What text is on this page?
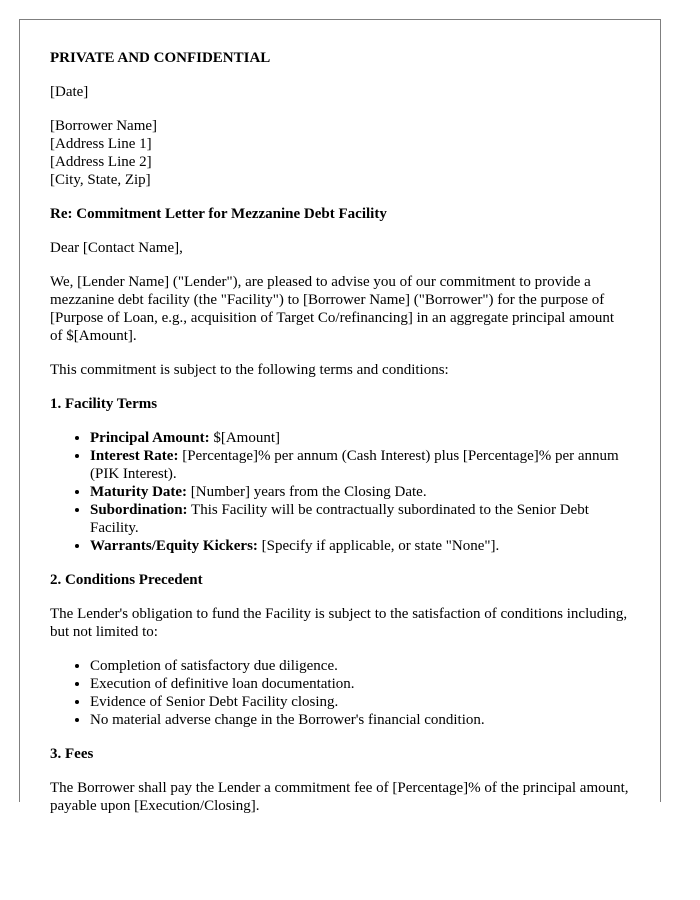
PRIVATE AND CONFIDENTIAL

[Date]

[Borrower Name]
[Address Line 1]
[Address Line 2]
[City, State, Zip]

Re: Commitment Letter for Mezzanine Debt Facility

Dear [Contact Name],

We, [Lender Name] ("Lender"), are pleased to advise you of our commitment to provide a mezzanine debt facility (the "Facility") to [Borrower Name] ("Borrower") for the purpose of [Purpose of Loan, e.g., acquisition of Target Co/refinancing] in an aggregate principal amount of $[Amount].

This commitment is subject to the following terms and conditions:

1. Facility Terms
• Principal Amount: $[Amount]
• Interest Rate: [Percentage]% per annum (Cash Interest) plus [Percentage]% per annum (PIK Interest).
• Maturity Date: [Number] years from the Closing Date.
• Subordination: This Facility will be contractually subordinated to the Senior Debt Facility.
• Warrants/Equity Kickers: [Specify if applicable, or state "None"].
2. Conditions Precedent

The Lender's obligation to fund the Facility is subject to the satisfaction of conditions including, but not limited to:

• Completion of satisfactory due diligence.
• Execution of definitive loan documentation.
• Evidence of Senior Debt Facility closing.
• No material adverse change in the Borrower's financial condition.
3. Fees

The Borrower shall pay the Lender a commitment fee of [Percentage]% of the principal amount, payable upon [Execution/Closing].
